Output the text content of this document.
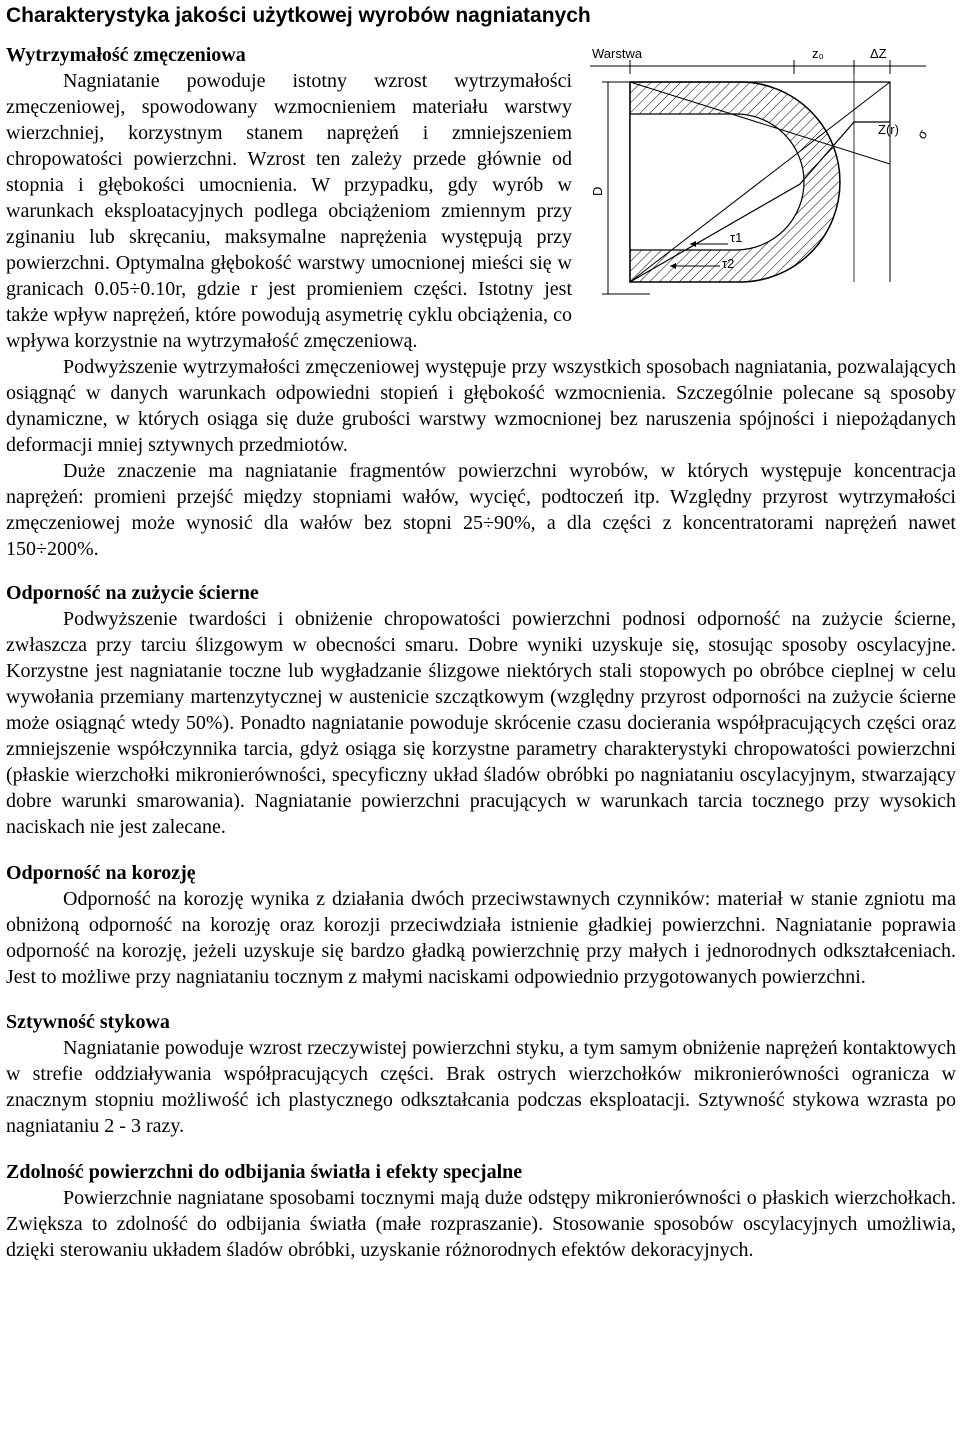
Charakterystyka jakości użytkowej wyrobów nagniatanych
Warstwa	z₀	ΔZ
D
Z(r) σ
τ1
τ2
Wytrzymałość zmęczeniowa

Nagniatanie powoduje istotny wzrost wytrzymałości zmęczeniowej, spowodowany wzmocnieniem materiału warstwy wierzchniej, korzystnym stanem naprężeń i zmniejszeniem chropowatości powierzchni. Wzrost ten zależy przede głównie od stopnia i głębokości umocnienia. W przypadku, gdy wyrób w warunkach eksploatacyjnych podlega obciążeniom zmiennym przy zginaniu lub skręcaniu, maksymalne naprężenia występują przy powierzchni. Optymalna głębokość warstwy umocnionej mieści się w granicach 0.05÷0.10r, gdzie r jest promieniem części. Istotny jest także wpływ naprężeń, które powodują asymetrię cyklu obciążenia, co wpływa korzystnie na wytrzymałość zmęczeniową.

Podwyższenie wytrzymałości zmęczeniowej występuje przy wszystkich sposobach nagniatania, pozwalających osiągnąć w danych warunkach odpowiedni stopień i głębokość wzmocnienia. Szczególnie polecane są sposoby dynamiczne, w których osiąga się duże grubości warstwy wzmocnionej bez naruszenia spójności i niepożądanych deformacji mniej sztywnych przedmiotów.

Duże znaczenie ma nagniatanie fragmentów powierzchni wyrobów, w których występuje koncentracja naprężeń: promieni przejść między stopniami wałów, wycięć, podtoczeń itp. Względny przyrost wytrzymałości zmęczeniowej może wynosić dla wałów bez stopni 25÷90%, a dla części z koncentratorami naprężeń nawet 150÷200%.

Odporność na zużycie ścierne

Podwyższenie twardości i obniżenie chropowatości powierzchni podnosi odporność na zużycie ścierne, zwłaszcza przy tarciu ślizgowym w obecności smaru. Dobre wyniki uzyskuje się, stosując sposoby oscylacyjne. Korzystne jest nagniatanie toczne lub wygładzanie ślizgowe niektórych stali stopowych po obróbce cieplnej w celu wywołania przemiany martenzytycznej w austenicie szczątkowym (względny przyrost odporności na zużycie ścierne może osiągnąć wtedy 50%). Ponadto nagniatanie powoduje skrócenie czasu docierania współpracujących części oraz zmniejszenie współczynnika tarcia, gdyż osiąga się korzystne parametry charakterystyki chropowatości powierzchni (płaskie wierzchołki mikronierówności, specyficzny układ śladów obróbki po nagniataniu oscylacyjnym, stwarzający dobre warunki smarowania). Nagniatanie powierzchni pracujących w warunkach tarcia tocznego przy wysokich naciskach nie jest zalecane.

Odporność na korozję

Odporność na korozję wynika z działania dwóch przeciwstawnych czynników: materiał w stanie zgniotu ma obniżoną odporność na korozję oraz korozji przeciwdziała istnienie gładkiej powierzchni. Nagniatanie poprawia odporność na korozję, jeżeli uzyskuje się bardzo gładką powierzchnię przy małych i jednorodnych odkształceniach. Jest to możliwe przy nagniataniu tocznym z małymi naciskami odpowiednio przygotowanych powierzchni.

Sztywność stykowa

Nagniatanie powoduje wzrost rzeczywistej powierzchni styku, a tym samym obniżenie naprężeń kontaktowych w strefie oddziaływania współpracujących części. Brak ostrych wierzchołków mikronierówności ogranicza w znacznym stopniu możliwość ich plastycznego odkształcania podczas eksploatacji. Sztywność stykowa wzrasta po nagniataniu 2 - 3 razy.

Zdolność powierzchni do odbijania światła i efekty specjalne

Powierzchnie nagniatane sposobami tocznymi mają duże odstępy mikronierówności o płaskich wierzchołkach. Zwiększa to zdolność do odbijania światła (małe rozpraszanie). Stosowanie sposobów oscylacyjnych umożliwia, dzięki sterowaniu układem śladów obróbki, uzyskanie różnorodnych efektów dekoracyjnych.
